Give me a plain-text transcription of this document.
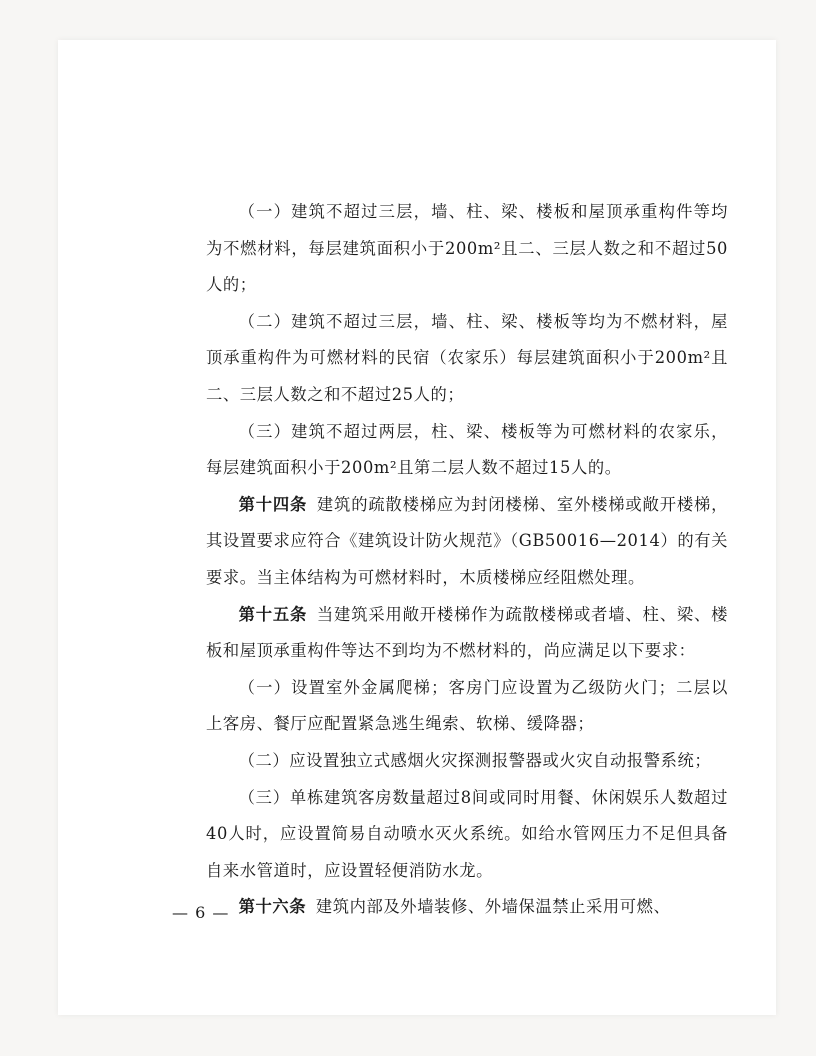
（一）建筑不超过三层，墙、柱、梁、楼板和屋顶承重构件等均为不燃材料，每层建筑面积小于200m²且二、三层人数之和不超过50人的；

（二）建筑不超过三层，墙、柱、梁、楼板等均为不燃材料，屋顶承重构件为可燃材料的民宿（农家乐）每层建筑面积小于200m²且二、三层人数之和不超过25人的；

（三）建筑不超过两层，柱、梁、楼板等为可燃材料的农家乐，每层建筑面积小于200m²且第二层人数不超过15人的。

第十四条 建筑的疏散楼梯应为封闭楼梯、室外楼梯或敞开楼梯，其设置要求应符合《建筑设计防火规范》（GB50016—2014）的有关要求。当主体结构为可燃材料时，木质楼梯应经阻燃处理。

第十五条 当建筑采用敞开楼梯作为疏散楼梯或者墙、柱、梁、楼板和屋顶承重构件等达不到均为不燃材料的，尚应满足以下要求：

（一）设置室外金属爬梯；客房门应设置为乙级防火门；二层以上客房、餐厅应配置紧急逃生绳索、软梯、缓降器；

（二）应设置独立式感烟火灾探测报警器或火灾自动报警系统；

（三）单栋建筑客房数量超过8间或同时用餐、休闲娱乐人数超过40人时，应设置简易自动喷水灭火系统。如给水管网压力不足但具备自来水管道时，应设置轻便消防水龙。

第十六条 建筑内部及外墙装修、外墙保温禁止采用可燃、

— 6 —
